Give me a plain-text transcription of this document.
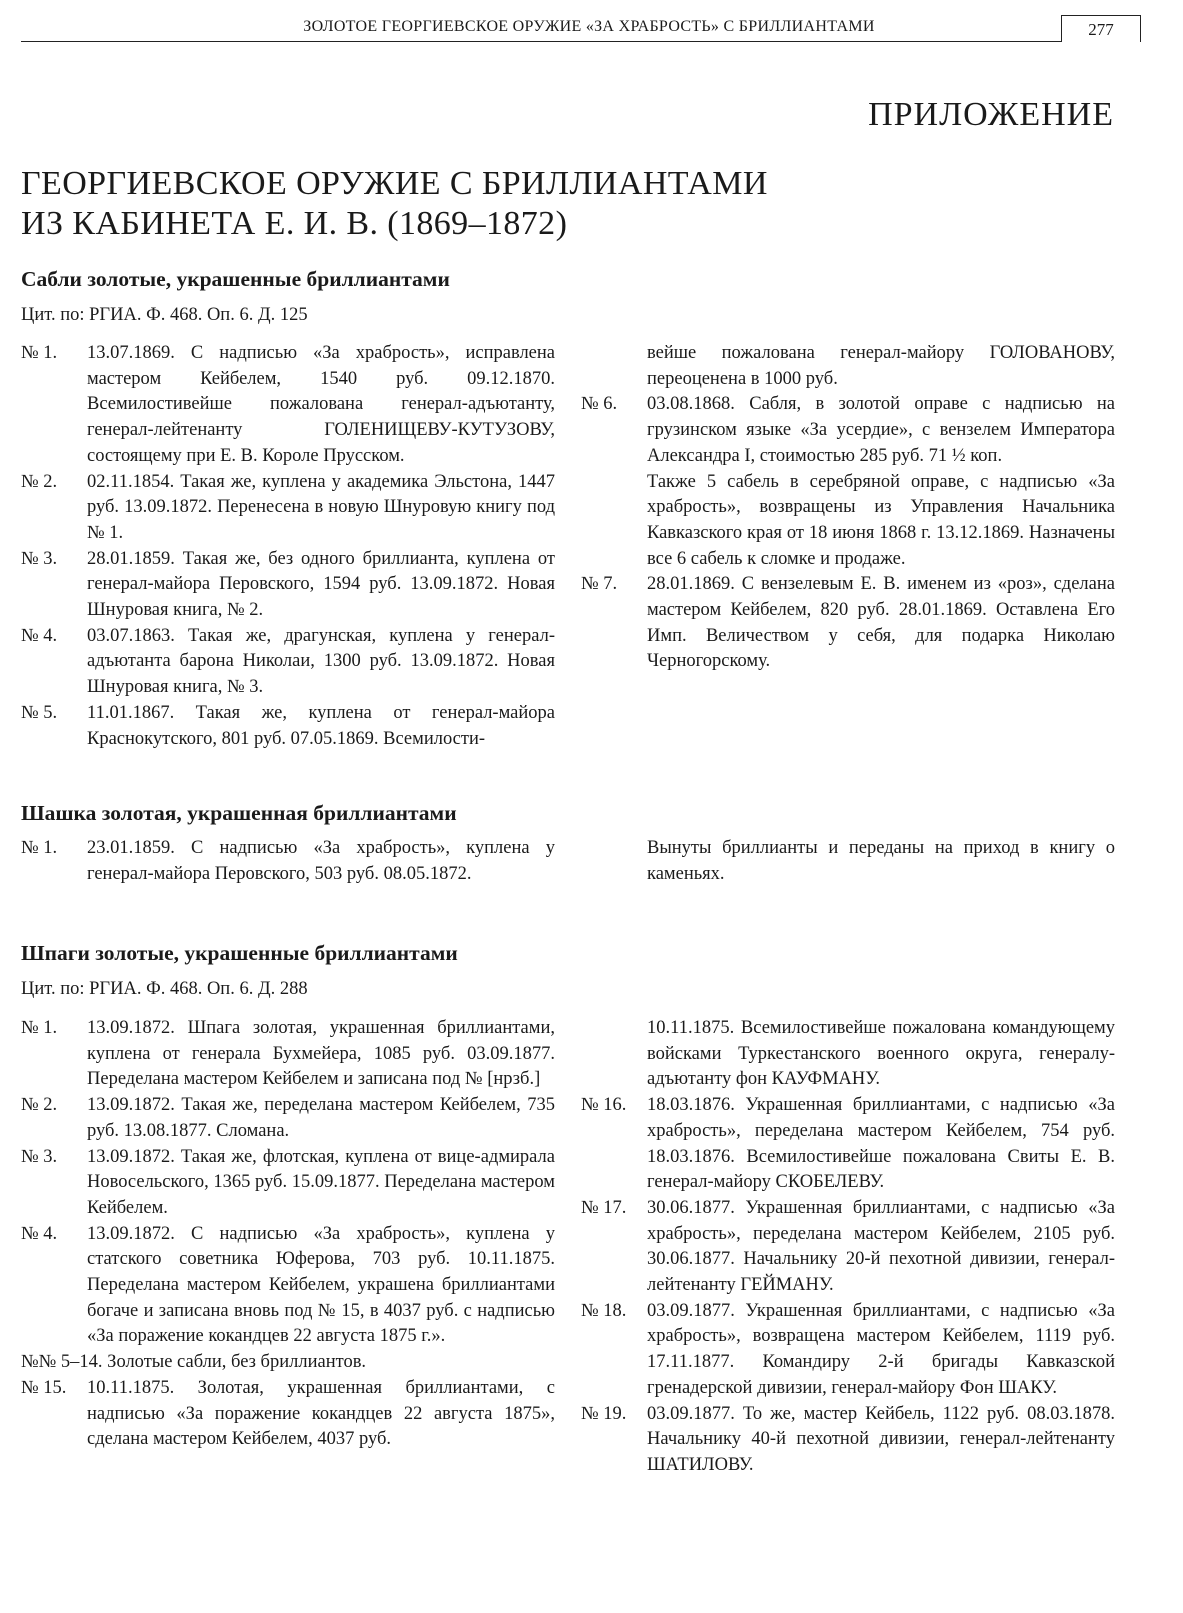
ЗОЛОТОЕ ГЕОРГИЕВСКОЕ ОРУЖИЕ «ЗА ХРАБРОСТЬ» С БРИЛЛИАНТАМИ	277
ПРИЛОЖЕНИЕ
ГЕОРГИЕВСКОЕ ОРУЖИЕ С БРИЛЛИАНТАМИ
ИЗ КАБИНЕТА Е. И. В. (1869–1872)
Сабли золотые, украшенные бриллиантами
Цит. по: РГИА. Ф. 468. Оп. 6. Д. 125
№ 1.	13.07.1869. С надписью «За храбрость», исправлена мастером Кейбелем, 1540 руб. 09.12.1870. Всемилостивейше пожалована генерал-адъютанту, генерал-лейтенанту ГОЛЕНИЩЕВУ-КУТУЗОВУ, состоящему при Е. В. Короле Прусском.
№ 2.	02.11.1854. Такая же, куплена у академика Эльстона, 1447 руб. 13.09.1872. Перенесена в новую Шнуровую книгу под № 1.
№ 3.	28.01.1859. Такая же, без одного бриллианта, куплена от генерал-майора Перовского, 1594 руб. 13.09.1872. Новая Шнуровая книга, № 2.
№ 4.	03.07.1863. Такая же, драгунская, куплена у генерал-адъютанта барона Николаи, 1300 руб. 13.09.1872. Новая Шнуровая книга, № 3.
№ 5.	11.01.1867. Такая же, куплена от генерал-майора Краснокутского, 801 руб. 07.05.1869. Всемилости-
вейше пожалована генерал-майору ГОЛОВАНОВУ, переоценена в 1000 руб.
№ 6.	03.08.1868. Сабля, в золотой оправе с надписью на грузинском языке «За усердие», с вензелем Императора Александра I, стоимостью 285 руб. 71 ½ коп.
Также 5 сабель в серебряной оправе, с надписью «За храбрость», возвращены из Управления Начальника Кавказского края от 18 июня 1868 г. 13.12.1869. Назначены все 6 сабель к сломке и продаже.
№ 7.	28.01.1869. С вензелевым Е. В. именем из «роз», сделана мастером Кейбелем, 820 руб. 28.01.1869. Оставлена Его Имп. Величеством у себя, для подарка Николаю Черногорскому.
Шашка золотая, украшенная бриллиантами
№ 1.	23.01.1859. С надписью «За храбрость», куплена у генерал-майора Перовского, 503 руб. 08.05.1872.
Вынуты бриллианты и переданы на приход в книгу о каменьях.
Шпаги золотые, украшенные бриллиантами
Цит. по: РГИА. Ф. 468. Оп. 6. Д. 288
№ 1.	13.09.1872. Шпага золотая, украшенная бриллиантами, куплена от генерала Бухмейера, 1085 руб. 03.09.1877. Переделана мастером Кейбелем и записана под № [нрзб.]
№ 2.	13.09.1872. Такая же, переделана мастером Кейбелем, 735 руб. 13.08.1877. Сломана.
№ 3.	13.09.1872. Такая же, флотская, куплена от вице-адмирала Новосельского, 1365 руб. 15.09.1877. Переделана мастером Кейбелем.
№ 4.	13.09.1872. С надписью «За храбрость», куплена у статского советника Юферова, 703 руб. 10.11.1875. Переделана мастером Кейбелем, украшена бриллиантами богаче и записана вновь под № 15, в 4037 руб. с надписью «За поражение кокандцев 22 августа 1875 г.».
№№ 5–14. Золотые сабли, без бриллиантов.
№ 15.	10.11.1875. Золотая, украшенная бриллиантами, с надписью «За поражение кокандцев 22 августа 1875», сделана мастером Кейбелем, 4037 руб.
10.11.1875. Всемилостивейше пожалована командующему войсками Туркестанского военного округа, генералу-адъютанту фон КАУФМАНУ.
№ 16.	18.03.1876. Украшенная бриллиантами, с надписью «За храбрость», переделана мастером Кейбелем, 754 руб. 18.03.1876. Всемилостивейше пожалована Свиты Е. В. генерал-майору СКОБЕЛЕВУ.
№ 17.	30.06.1877. Украшенная бриллиантами, с надписью «За храбрость», переделана мастером Кейбелем, 2105 руб. 30.06.1877. Начальнику 20-й пехотной дивизии, генерал-лейтенанту ГЕЙМАНУ.
№ 18.	03.09.1877. Украшенная бриллиантами, с надписью «За храбрость», возвращена мастером Кейбелем, 1119 руб. 17.11.1877. Командиру 2-й бригады Кавказской гренадерской дивизии, генерал-майору Фон ШАКУ.
№ 19.	03.09.1877. То же, мастер Кейбель, 1122 руб. 08.03.1878. Начальнику 40-й пехотной дивизии, генерал-лейтенанту ШАТИЛОВУ.
